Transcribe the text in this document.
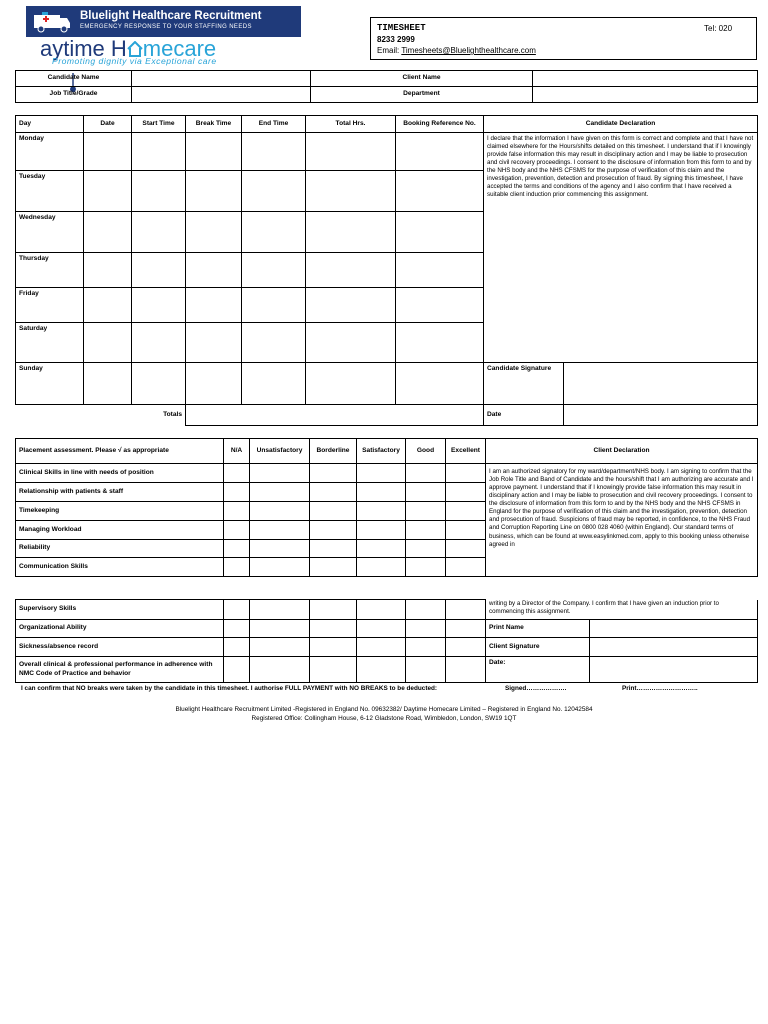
Bluelight Healthcare Recruitment
EMERGENCY RESPONSE TO YOUR STAFFING NEEDS
aytime H mecare
Promoting dignity via Exceptional care
TIMESHEET	Tel: 020
8233 2999
Email: Timesheets@Bluelighthealthcare.com
Candidate Name		Client Name	
Job Title/Grade		Department	
Day	Date	Start Time	Break Time	End Time	Total Hrs.	Booking Reference No.	Candidate Declaration	
Monday							I declare that the information I have given on this form is correct and complete and that I have not claimed elsewhere for the Hours/shifts detailed on this timesheet. I understand that if I knowingly provide false information this may result in disciplinary action and I may be liable to prosecution and civil recovery proceedings. I consent to the disclosure of information from this form to and by the NHS body and the NHS CFSMS for the purpose of verification of this claim and the investigation, prevention, detection and prosecution of fraud. By signing this timesheet, I have accepted the terms and conditions of the agency and I also confirm that I have received a suitable client induction prior commencing this assignment.	
Tuesday								
Wednesday								
Thursday								
Friday								
Saturday								
Sunday							Candidate Signature	
Totals							Date	
Placement assessment. Please √ as appropriate	N/A	Unsatisfactory	Borderline	Satisfactory	Good	Excellent	Client Declaration
Clinical Skills in line with needs of position							I am an authorized signatory for my ward/department/NHS body. I am signing to confirm that the Job Role Title and Band of Candidate and the hours/shift that I am authorizing are accurate and I approve payment. I understand that if I knowingly provide false information this may result in disciplinary action and I may be liable to prosecution and civil recovery proceedings. I consent to the disclosure of information from this form to and by the NHS body and the NHS CFSMS in England for the purpose of verification of this claim and the investigation, prevention, detection and prosecution of fraud. Suspicions of fraud may be reported, in confidence, to the NHS Fraud and Corruption Reporting Line on 0800 028 4060 (within England). Our standard terms of business, which can be found at www.easylinkmed.com, apply to this booking unless otherwise agreed in
Relationship with patients & staff							
Timekeeping							
Managing Workload							
Reliability							
Communication Skills							
Supervisory Skills							writing by a Director of the Company. I confirm that I have given an induction prior to commencing this assignment.	
Organizational Ability							Print Name	
Sickness/absence record							Client Signature	
Overall clinical & professional performance in adherence with NMC Code of Practice and behavior							Date:	
I can confirm that NO breaks were taken by the candidate in this timesheet. I authorise FULL PAYMENT with NO BREAKS to be deducted:	Signed……………….	Print………………………..
Bluelight Healthcare Recruitment Limited -Registered in England No. 09632382/ Daytime Homecare Limited – Registered in England No. 12042584
Registered Office: Collingham House, 6-12 Gladstone Road, Wimbledon, London, SW19 1QT
